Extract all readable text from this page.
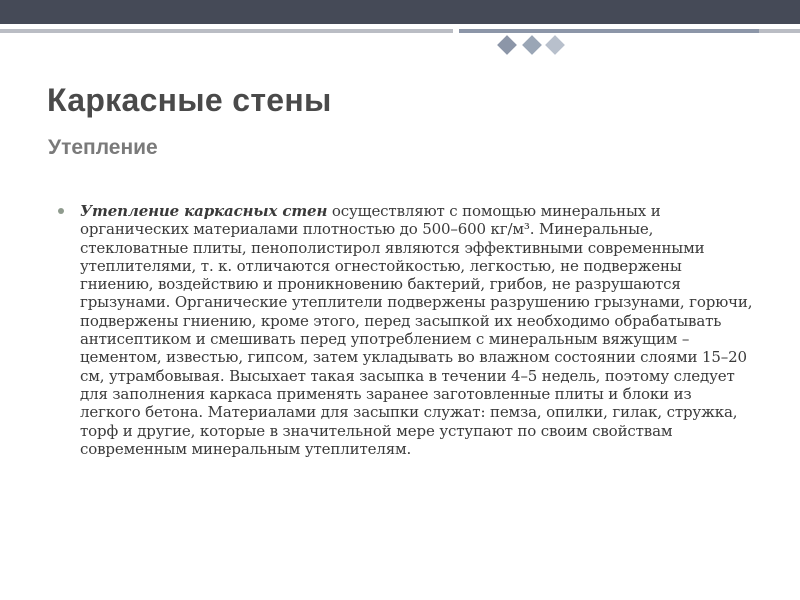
Каркасные стены
Утепление
Утепление каркасных стен осуществляют с помощью минеральных и органических материалами плотностью до 500–600 кг/м³. Минеральные, стекловатные плиты, пенополистирол являются эффективными современными утеплителями, т. к. отличаются огнестойкостью, легкостью, не подвержены гниению, воздействию и проникновению бактерий, грибов, не разрушаются грызунами. Органические утеплители подвержены разрушению грызунами, горючи, подвержены гниению, кроме этого, перед засыпкой их необходимо обрабатывать антисептиком и смешивать перед употреблением с минеральным вяжущим – цементом, известью, гипсом, затем укладывать во влажном состоянии слоями 15–20 см, утрамбовывая. Высыхает такая засыпка в течении 4–5 недель, поэтому следует для заполнения каркаса применять заранее заготовленные плиты и блоки из легкого бетона. Материалами для засыпки служат: пемза, опилки, гилак, стружка, торф и другие, которые в значительной мере уступают по своим свойствам современным минеральным утеплителям.
